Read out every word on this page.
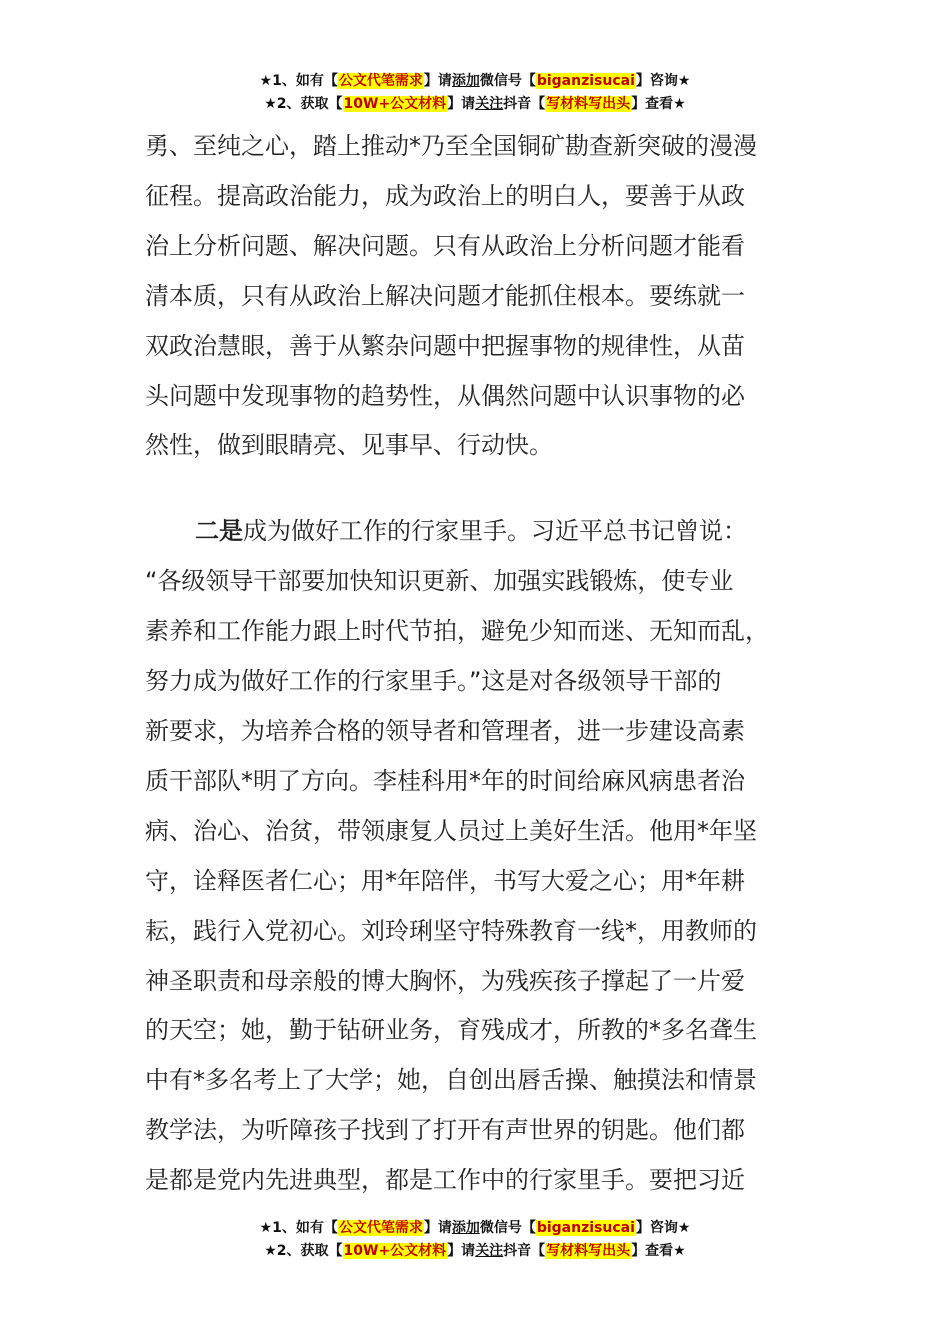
★1、如有【公文代笔需求】请添加微信号【biganzisucai】咨询★
★2、获取【10W+公文材料】请关注抖音【写材料写出头】查看★

勇、至纯之心，踏上推动*乃至全国铜矿勘查新突破的漫漫
征程。提高政治能力，成为政治上的明白人，要善于从政
治上分析问题、解决问题。只有从政治上分析问题才能看
清本质，只有从政治上解决问题才能抓住根本。要练就一
双政治慧眼，善于从繁杂问题中把握事物的规律性，从苗
头问题中发现事物的趋势性，从偶然问题中认识事物的必
然性，做到眼睛亮、见事早、行动快。

二是成为做好工作的行家里手。习近平总书记曾说：
“各级领导干部要加快知识更新、加强实践锻炼，使专业
素养和工作能力跟上时代节拍，避免少知而迷、无知而乱，
努力成为做好工作的行家里手。”这是对各级领导干部的
新要求，为培养合格的领导者和管理者，进一步建设高素
质干部队*明了方向。李桂科用*年的时间给麻风病患者治
病、治心、治贫，带领康复人员过上美好生活。他用*年坚
守，诠释医者仁心；用*年陪伴，书写大爱之心；用*年耕
耘，践行入党初心。刘玲琍坚守特殊教育一线*，用教师的
神圣职责和母亲般的博大胸怀，为残疾孩子撑起了一片爱
的天空；她，勤于钻研业务，育残成才，所教的*多名聋生
中有*多名考上了大学；她，自创出唇舌操、触摸法和情景
教学法，为听障孩子找到了打开有声世界的钥匙。他们都
是都是党内先进典型，都是工作中的行家里手。要把习近

★1、如有【公文代笔需求】请添加微信号【biganzisucai】咨询★
★2、获取【10W+公文材料】请关注抖音【写材料写出头】查看★
